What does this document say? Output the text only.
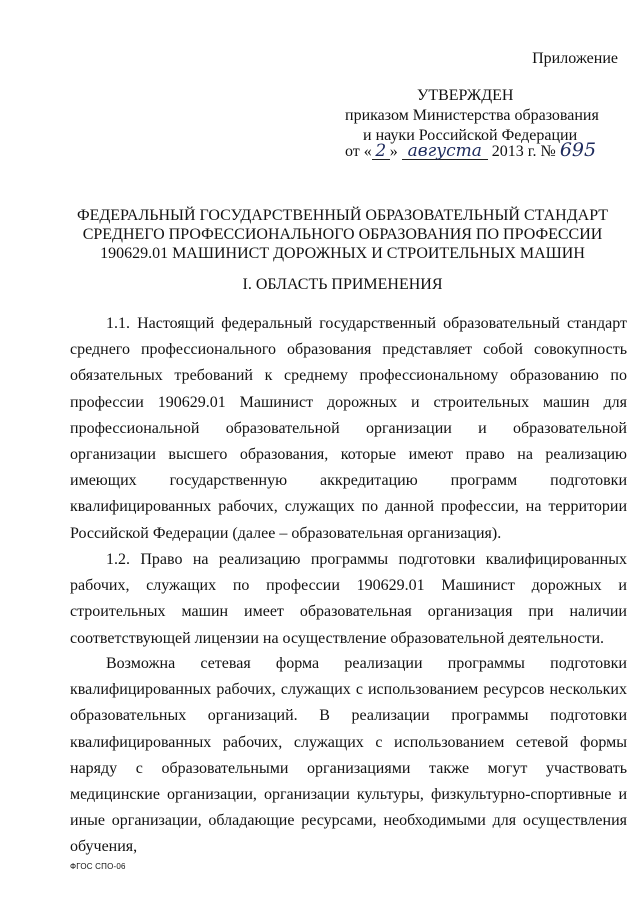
Приложение
УТВЕРЖДЕН
приказом Министерства образования
и науки Российской Федерации
от « 2 » августа 2013 г. № 695
ФЕДЕРАЛЬНЫЙ ГОСУДАРСТВЕННЫЙ ОБРАЗОВАТЕЛЬНЫЙ СТАНДАРТ
СРЕДНЕГО ПРОФЕССИОНАЛЬНОГО ОБРАЗОВАНИЯ ПО ПРОФЕССИИ
190629.01 МАШИНИСТ ДОРОЖНЫХ И СТРОИТЕЛЬНЫХ МАШИН
I. ОБЛАСТЬ ПРИМЕНЕНИЯ

1.1. Настоящий федеральный государственный образовательный стандарт среднего профессионального образования представляет собой совокупность обязательных требований к среднему профессиональному образованию по профессии 190629.01 Машинист дорожных и строительных машин для профессиональной образовательной организации и образовательной организации высшего образования, которые имеют право на реализацию имеющих государственную аккредитацию программ подготовки квалифицированных рабочих, служащих по данной профессии, на территории Российской Федерации (далее – образовательная организация).

1.2. Право на реализацию программы подготовки квалифицированных рабочих, служащих по профессии 190629.01 Машинист дорожных и строительных машин имеет образовательная организация при наличии соответствующей лицензии на осуществление образовательной деятельности.

Возможна сетевая форма реализации программы подготовки квалифицированных рабочих, служащих с использованием ресурсов нескольких образовательных организаций. В реализации программы подготовки квалифицированных рабочих, служащих с использованием сетевой формы наряду с образовательными организациями также могут участвовать медицинские организации, организации культуры, физкультурно-спортивные и иные организации, обладающие ресурсами, необходимыми для осуществления обучения,

ФГОС СПО-06
